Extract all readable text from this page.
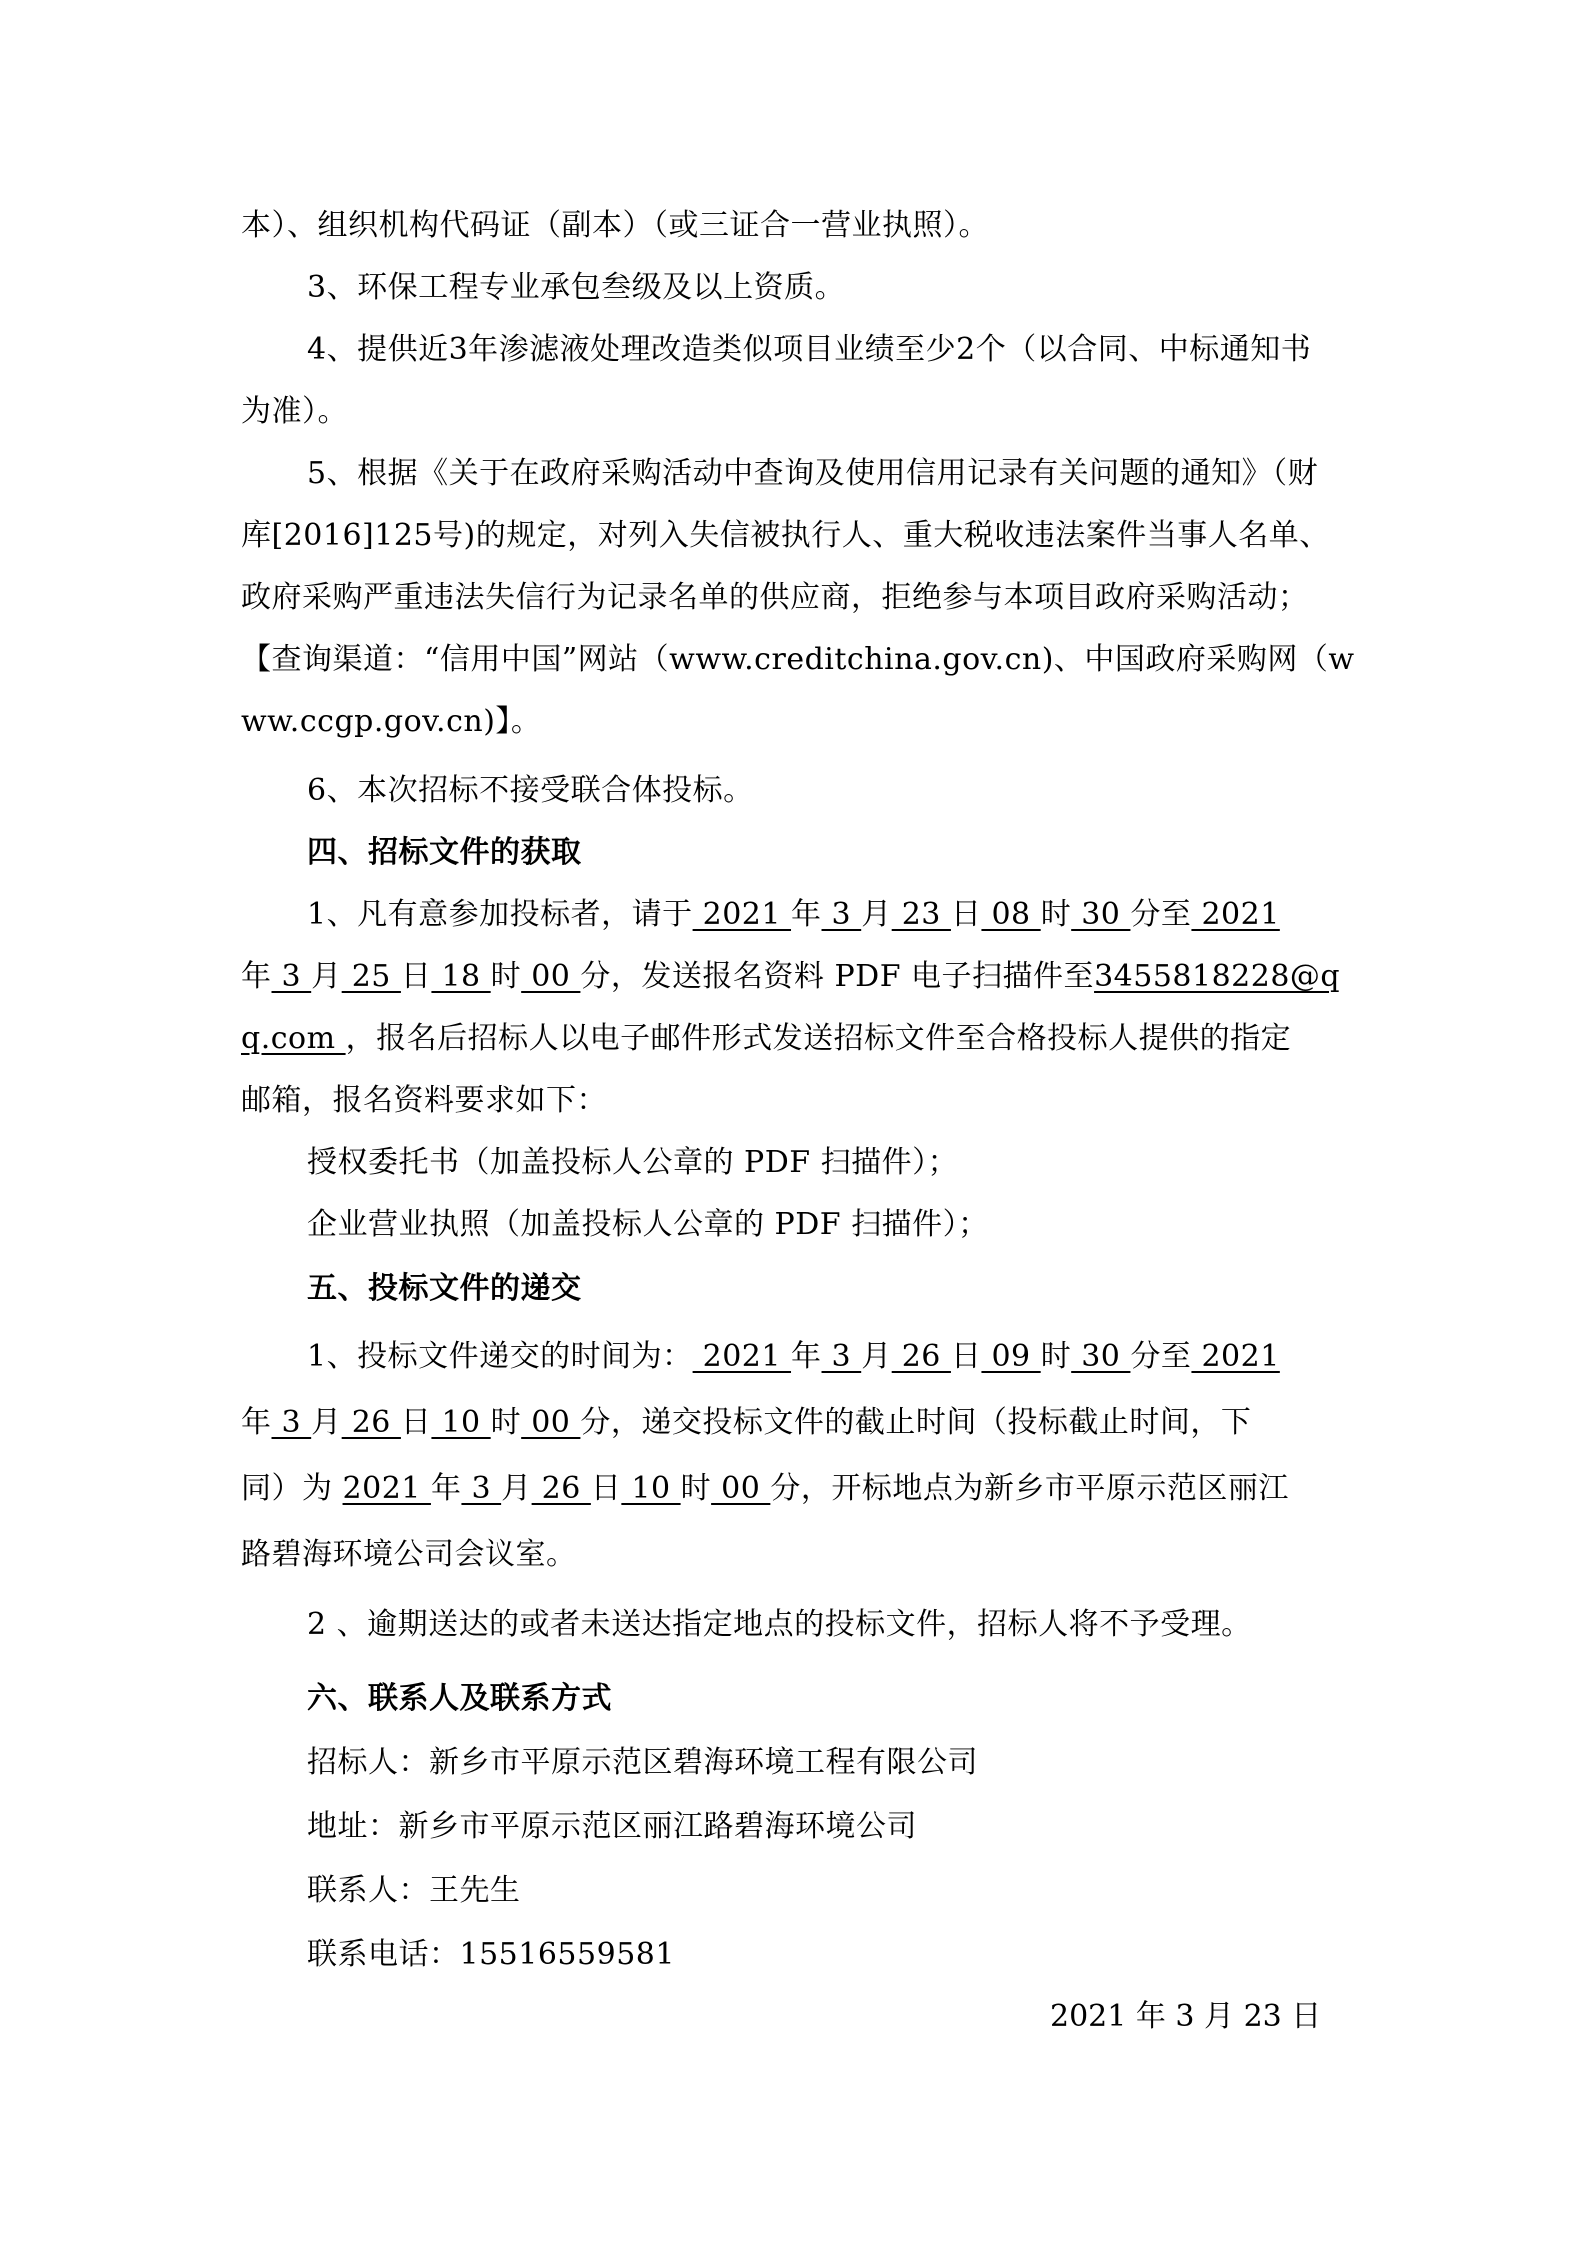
本）、组织机构代码证（副本）（或三证合一营业执照）。
3、环保工程专业承包叁级及以上资质。
4、提供近3年渗滤液处理改造类似项目业绩至少2个（以合同、中标通知书
为准）。
5、根据《关于在政府采购活动中查询及使用信用记录有关问题的通知》（财
库[2016]125号)的规定，对列入失信被执行人、重大税收违法案件当事人名单、
政府采购严重违法失信行为记录名单的供应商，拒绝参与本项目政府采购活动；
【查询渠道：“信用中国”网站（www.creditchina.gov.cn)、中国政府采购网（w
ww.ccgp.gov.cn)】。
6、本次招标不接受联合体投标。
四、招标文件的获取
1、凡有意参加投标者，请于 2021 年 3 月 23 日 08 时 30 分至 2021
年 3 月 25 日 18 时 00 分，发送报名资料 PDF 电子扫描件至3455818228@q
q.com ，报名后招标人以电子邮件形式发送招标文件至合格投标人提供的指定
邮箱，报名资料要求如下：
授权委托书（加盖投标人公章的 PDF 扫描件）；
企业营业执照（加盖投标人公章的 PDF 扫描件）；
五、投标文件的递交
1、投标文件递交的时间为： 2021 年 3 月 26 日 09 时 30 分至 2021
年 3 月 26 日 10 时 00 分，递交投标文件的截止时间（投标截止时间，下
同）为 2021 年 3 月 26 日 10 时 00 分，开标地点为新乡市平原示范区丽江
路碧海环境公司会议室。
2 、逾期送达的或者未送达指定地点的投标文件，招标人将不予受理。
六、联系人及联系方式
招标人：新乡市平原示范区碧海环境工程有限公司
地址：新乡市平原示范区丽江路碧海环境公司
联系人：王先生
联系电话：15516559581
2021 年 3 月 23 日
